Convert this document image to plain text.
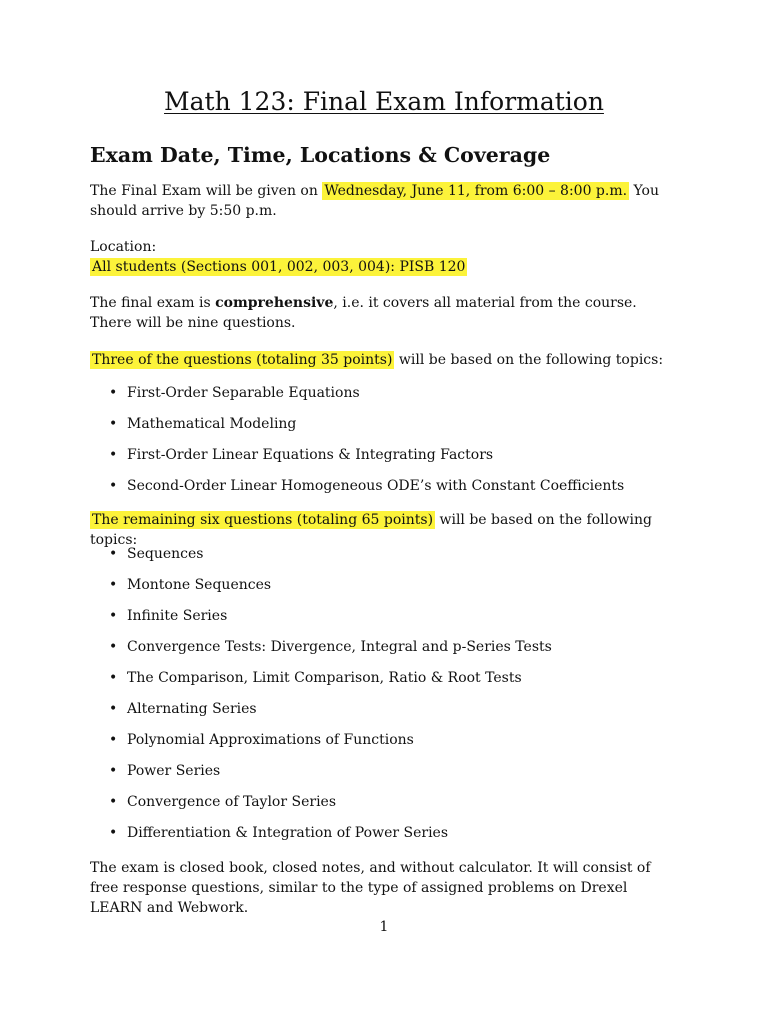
Math 123: Final Exam Information
Exam Date, Time, Locations & Coverage
The Final Exam will be given on Wednesday, June 11, from 6:00 – 8:00 p.m. You should arrive by 5:50 p.m.
Location:
All students (Sections 001, 002, 003, 004): PISB 120
The final exam is comprehensive, i.e. it covers all material from the course. There will be nine questions.
Three of the questions (totaling 35 points) will be based on the following topics:
• First-Order Separable Equations
• Mathematical Modeling
• First-Order Linear Equations & Integrating Factors
• Second-Order Linear Homogeneous ODE’s with Constant Coefficients
The remaining six questions (totaling 65 points) will be based on the following topics:
• Sequences
• Montone Sequences
• Infinite Series
• Convergence Tests: Divergence, Integral and p-Series Tests
• The Comparison, Limit Comparison, Ratio & Root Tests
• Alternating Series
• Polynomial Approximations of Functions
• Power Series
• Convergence of Taylor Series
• Differentiation & Integration of Power Series
The exam is closed book, closed notes, and without calculator. It will consist of free response questions, similar to the type of assigned problems on Drexel LEARN and Webwork.
1
